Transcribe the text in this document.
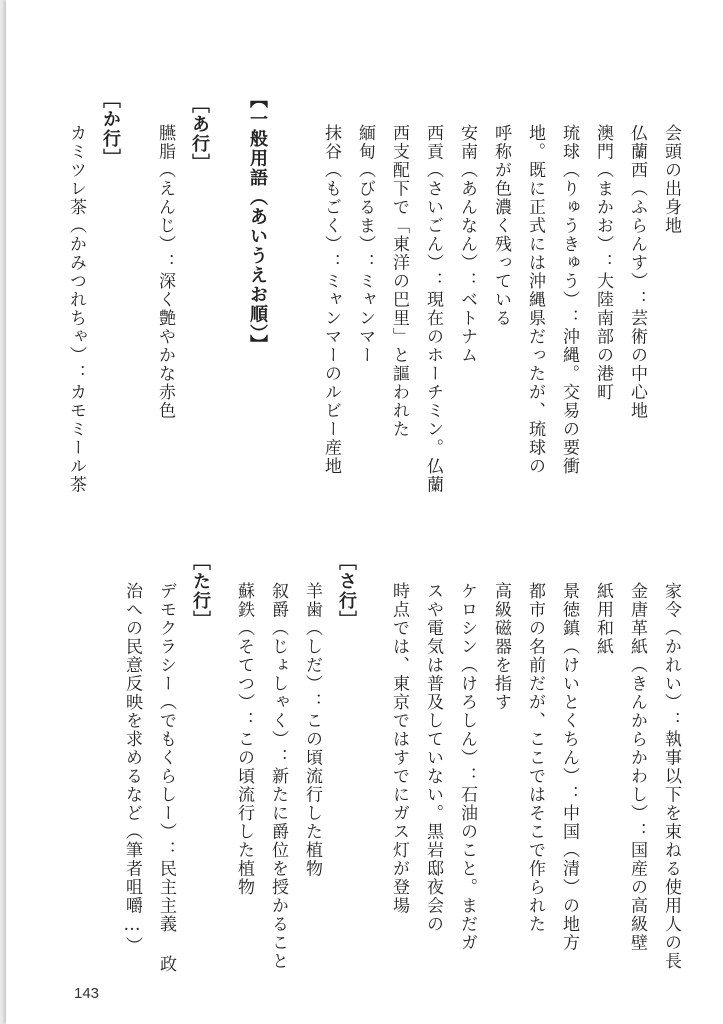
会頭の出身地
仏蘭西（ふらんす）：芸術の中心地
澳門（まかお）：大陸南部の港町
琉球（りゅうきゅう）：沖縄。交易の要衝
地。既に正式には沖縄県だったが、琉球の
呼称が色濃く残っている
安南（あんなん）：ベトナム
西貢（さいごん）：現在のホーチミン。仏蘭
西支配下で「東洋の巴里」と謳われた
緬甸（びるま）：ミャンマー
抹谷（もごく）：ミャンマーのルビー産地
【一般用語（あいうえお順）】
［あ行］
臙脂（えんじ）：深く艶やかな赤色
［か行］
カミツレ茶（かみつれちゃ）：カモミール茶
家令（かれい）：執事以下を束ねる使用人の長
金唐革紙（きんからかわし）：国産の高級壁
紙用和紙
景徳鎮（けいとくちん）：中国（清）の地方
都市の名前だが、ここではそこで作られた
高級磁器を指す
ケロシン（けろしん）：石油のこと。まだガ
スや電気は普及していない。黒岩邸夜会の
時点では、東京ではすでにガス灯が登場
［さ行］
羊歯（しだ）：この頃流行した植物
叙爵（じょしゃく）：新たに爵位を授かること
蘇鉄（そてつ）：この頃流行した植物
［た行］
デモクラシー（でもくらしー）：民主主義 政
治への民意反映を求めるなど（筆者咀嚼…）
143
